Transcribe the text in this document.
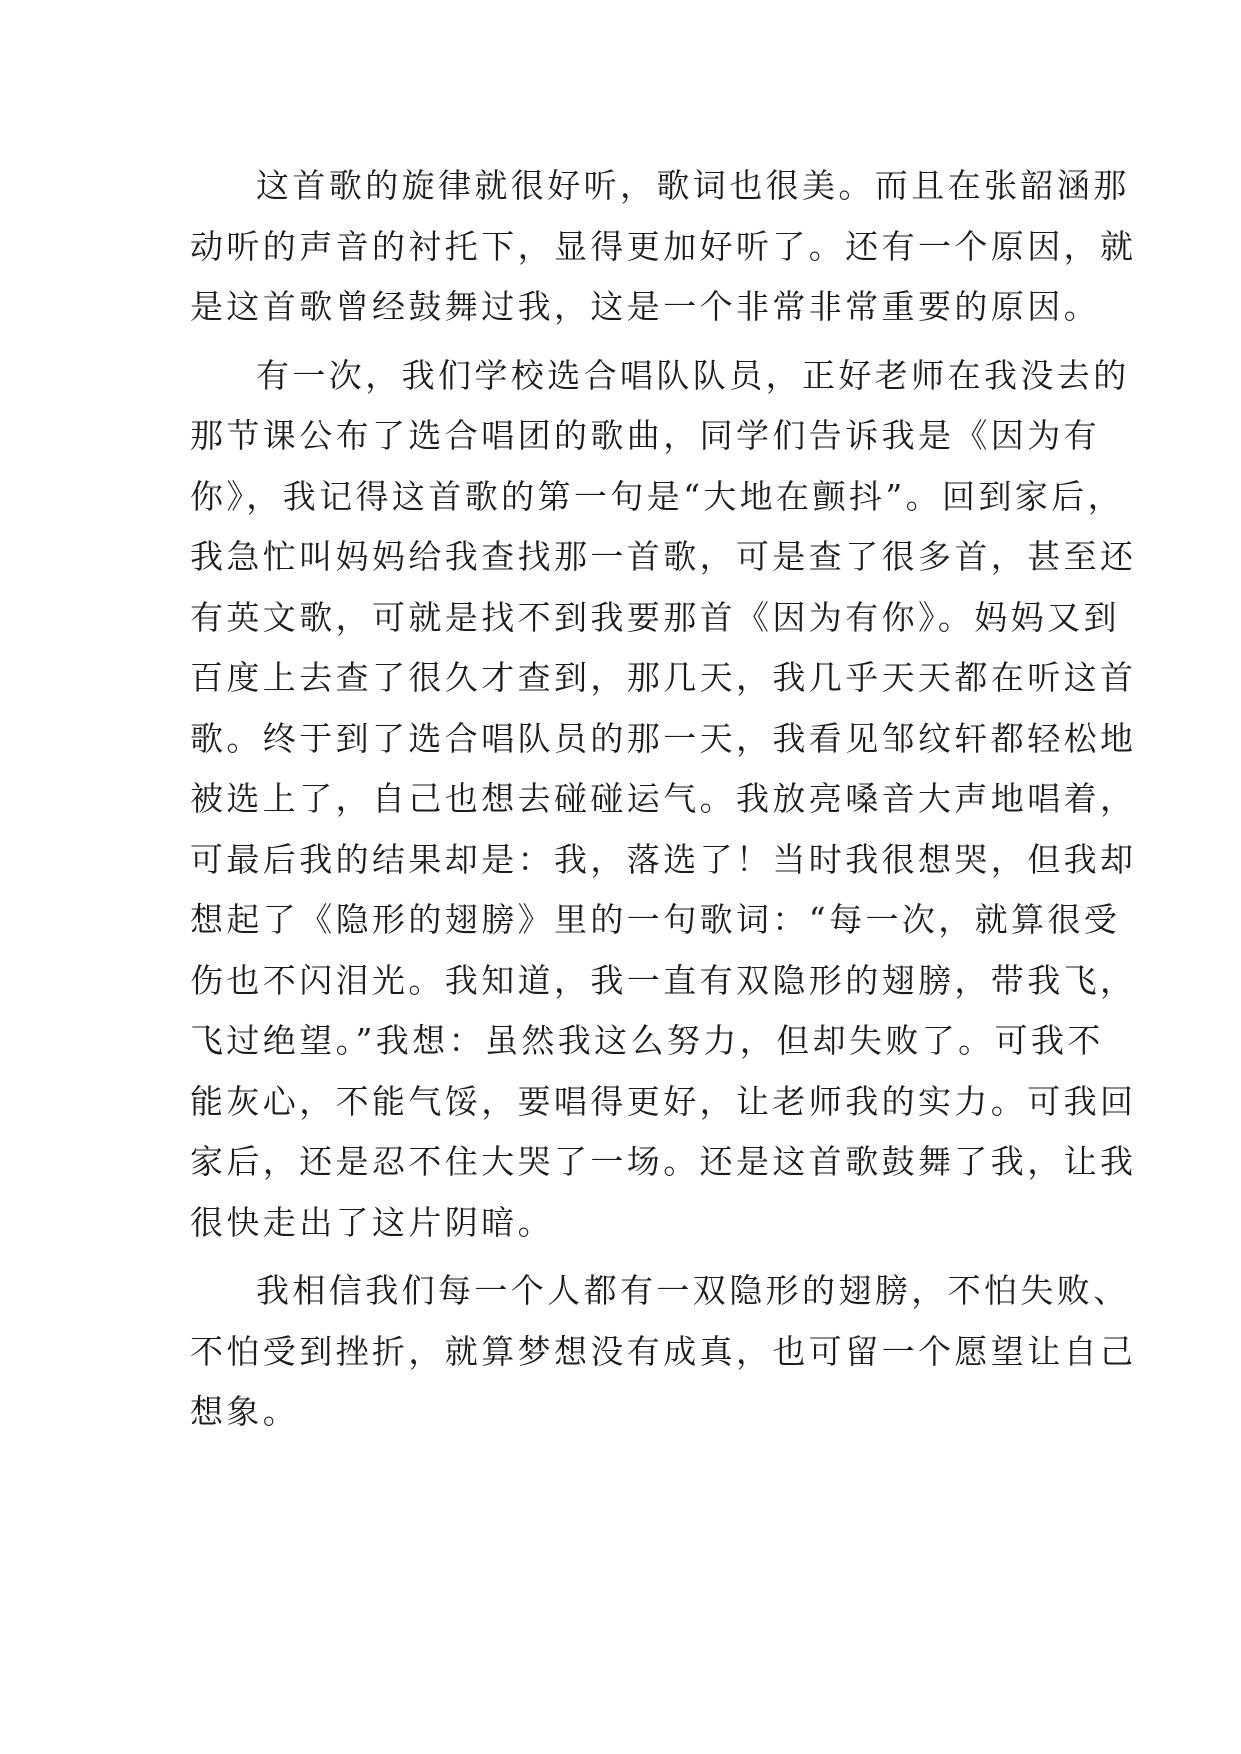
这首歌的旋律就很好听，歌词也很美。而且在张韶涵那
动听的声音的衬托下，显得更加好听了。还有一个原因，就
是这首歌曾经鼓舞过我，这是一个非常非常重要的原因。
有一次，我们学校选合唱队队员，正好老师在我没去的
那节课公布了选合唱团的歌曲，同学们告诉我是《因为有
你》，我记得这首歌的第一句是“大地在颤抖”。回到家后，
我急忙叫妈妈给我查找那一首歌，可是查了很多首，甚至还
有英文歌，可就是找不到我要那首《因为有你》。妈妈又到
百度上去查了很久才查到，那几天，我几乎天天都在听这首
歌。终于到了选合唱队员的那一天，我看见邹纹轩都轻松地
被选上了，自己也想去碰碰运气。我放亮嗓音大声地唱着，
可最后我的结果却是：我，落选了！当时我很想哭，但我却
想起了《隐形的翅膀》里的一句歌词：“每一次，就算很受
伤也不闪泪光。我知道，我一直有双隐形的翅膀，带我飞，
飞过绝望。”我想：虽然我这么努力，但却失败了。可我不
能灰心，不能气馁，要唱得更好，让老师我的实力。可我回
家后，还是忍不住大哭了一场。还是这首歌鼓舞了我，让我
很快走出了这片阴暗。
我相信我们每一个人都有一双隐形的翅膀，不怕失败、
不怕受到挫折，就算梦想没有成真，也可留一个愿望让自己
想象。
